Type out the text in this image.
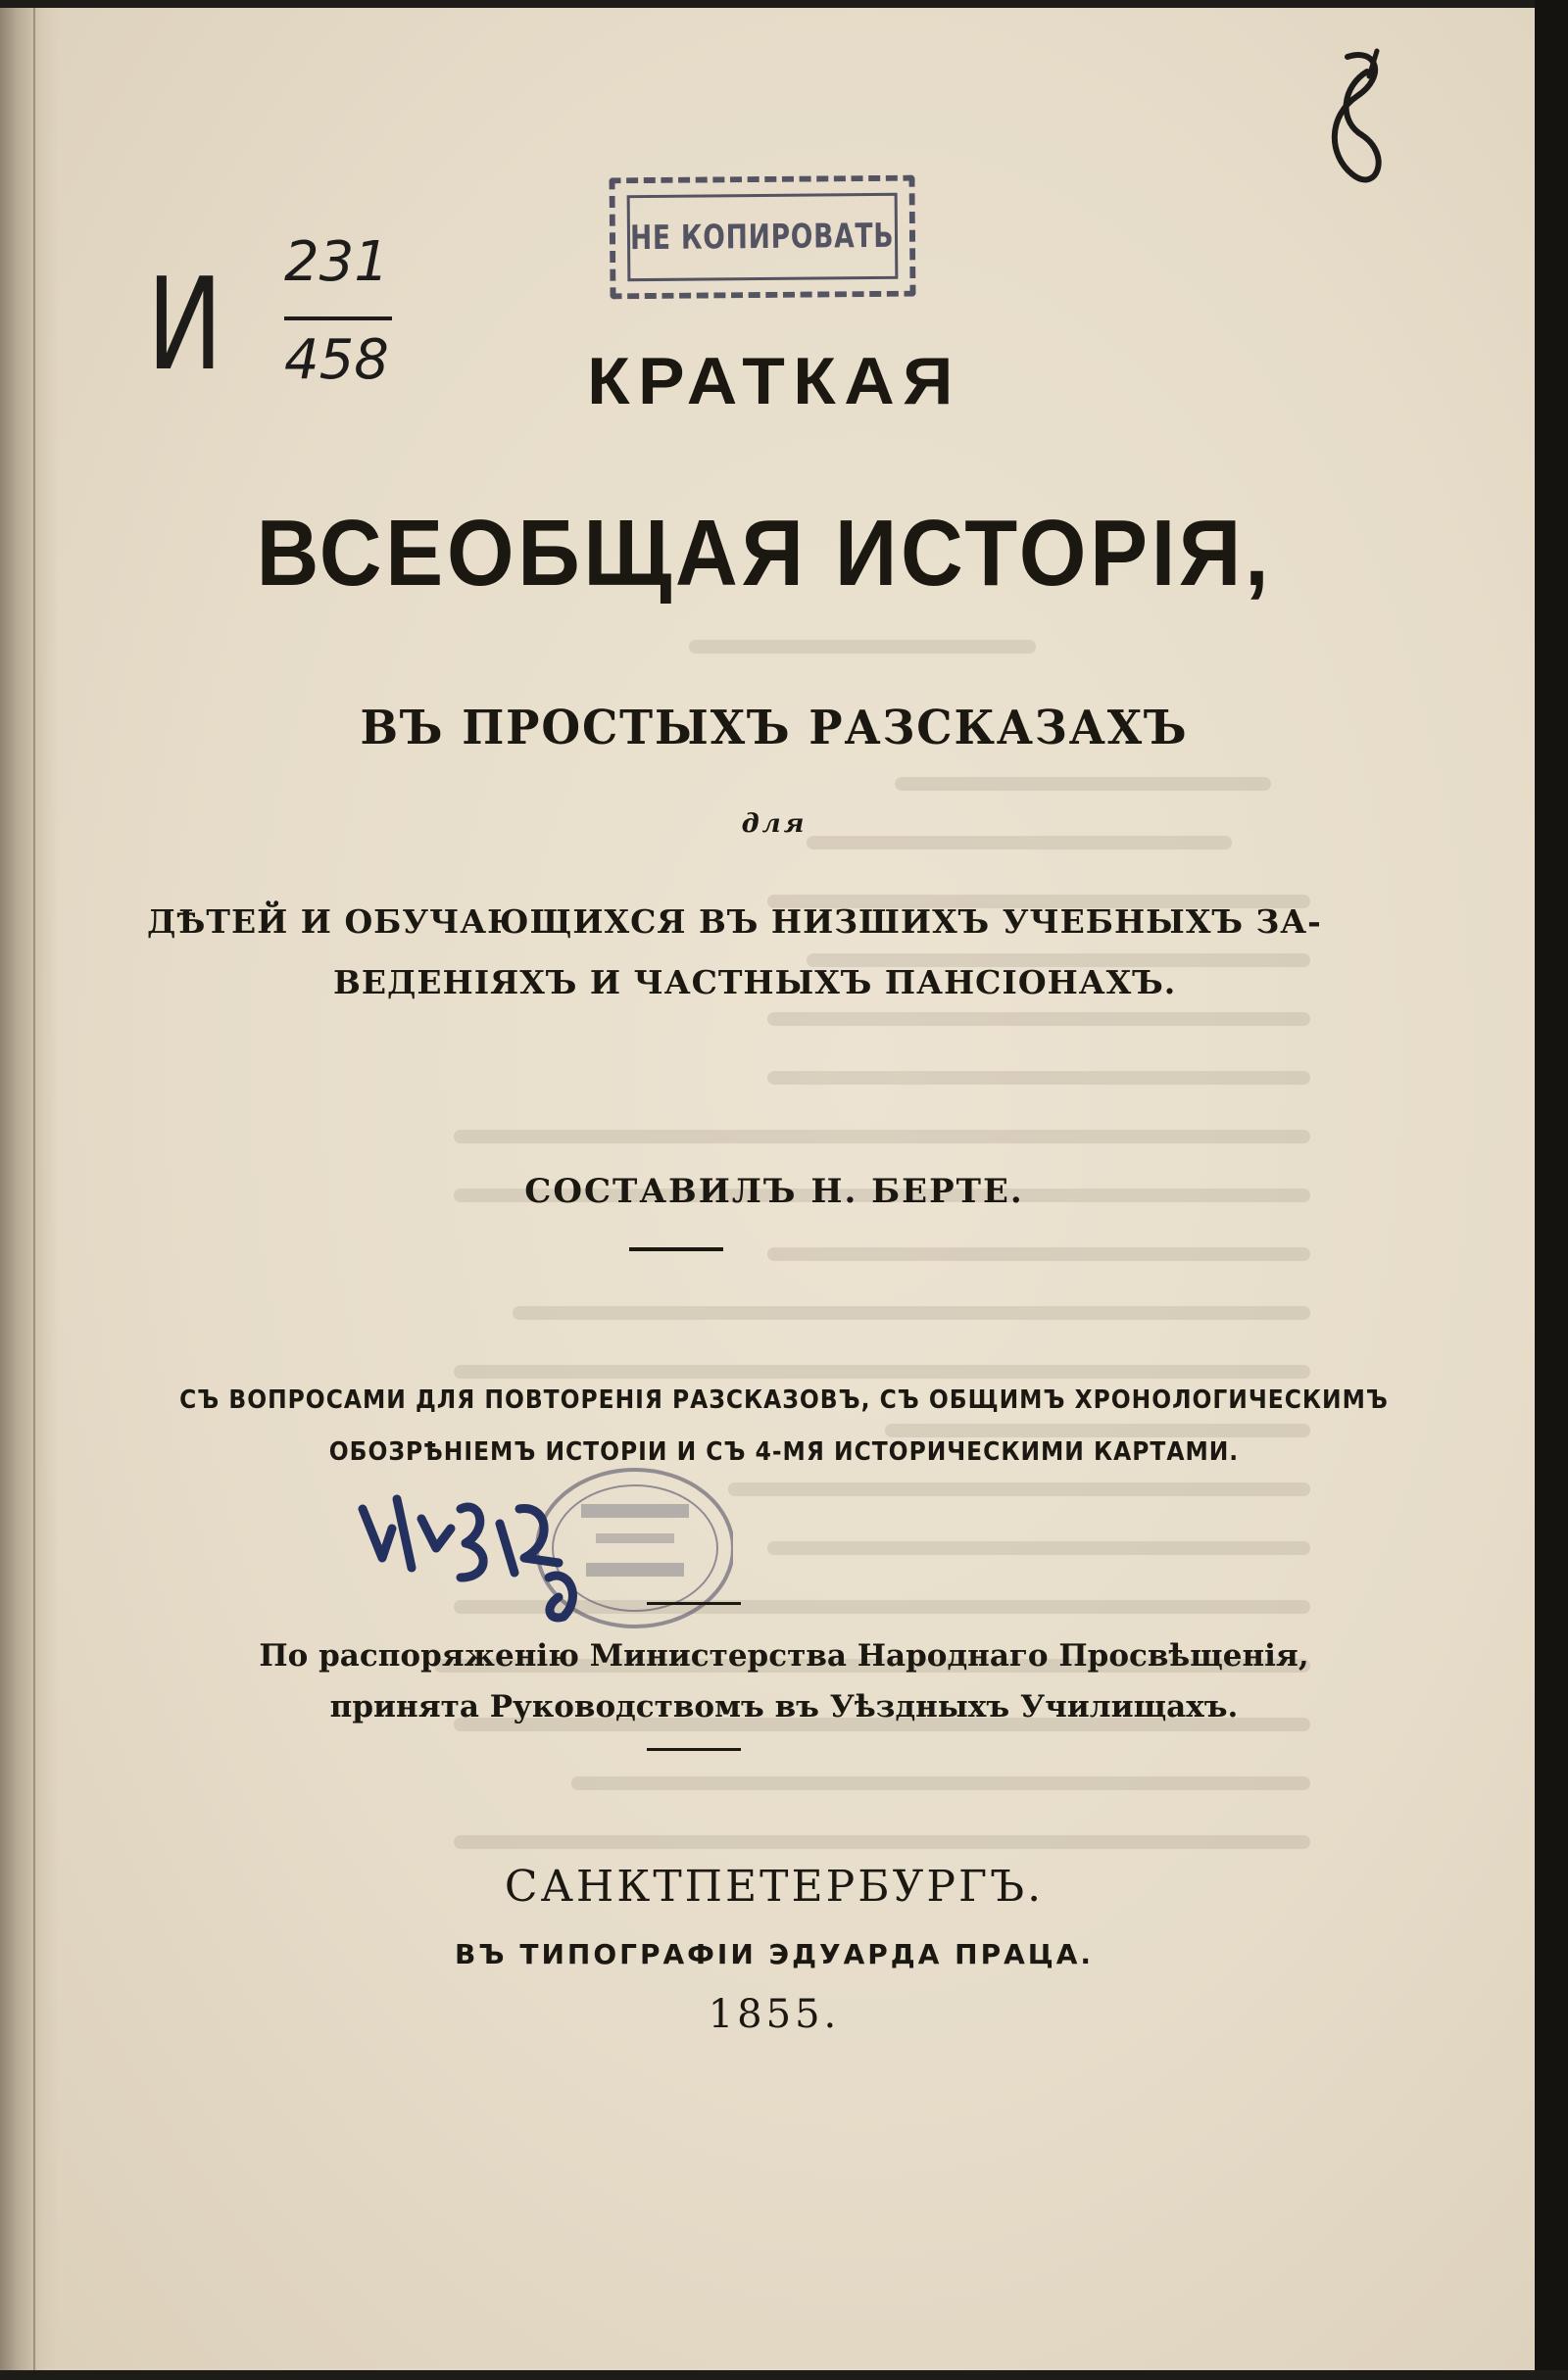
И 231
458
НЕ КОПИРОВАТЬ
КРАТКАЯ
ВСЕОБЩАЯ ИСТОРІЯ,
ВЪ ПРОСТЫХЪ РАЗСКАЗАХЪ
для
ДѢТЕЙ И ОБУЧАЮЩИХСЯ ВЪ НИЗШИХЪ УЧЕБНЫХЪ ЗА-
ВЕДЕНІЯХЪ И ЧАСТНЫХЪ ПАНСІОНАХЪ.
СОСТАВИЛЪ Н. БЕРТЕ.
СЪ ВОПРОСАМИ ДЛЯ ПОВТОРЕНІЯ РАЗСКАЗОВЪ, СЪ ОБЩИМЪ ХРОНОЛОГИЧЕСКИМЪ
ОБОЗРѢНІЕМЪ ИСТОРІИ И СЪ 4-МЯ ИСТОРИЧЕСКИМИ КАРТАМИ.
По распоряженію Министерства Народнаго Просвѣщенія,
принята Руководствомъ въ Уѣздныхъ Училищахъ.
САНКТПЕТЕРБУРГЪ.
ВЪ ТИПОГРАФІИ ЭДУАРДА ПРАЦА.
1855.
